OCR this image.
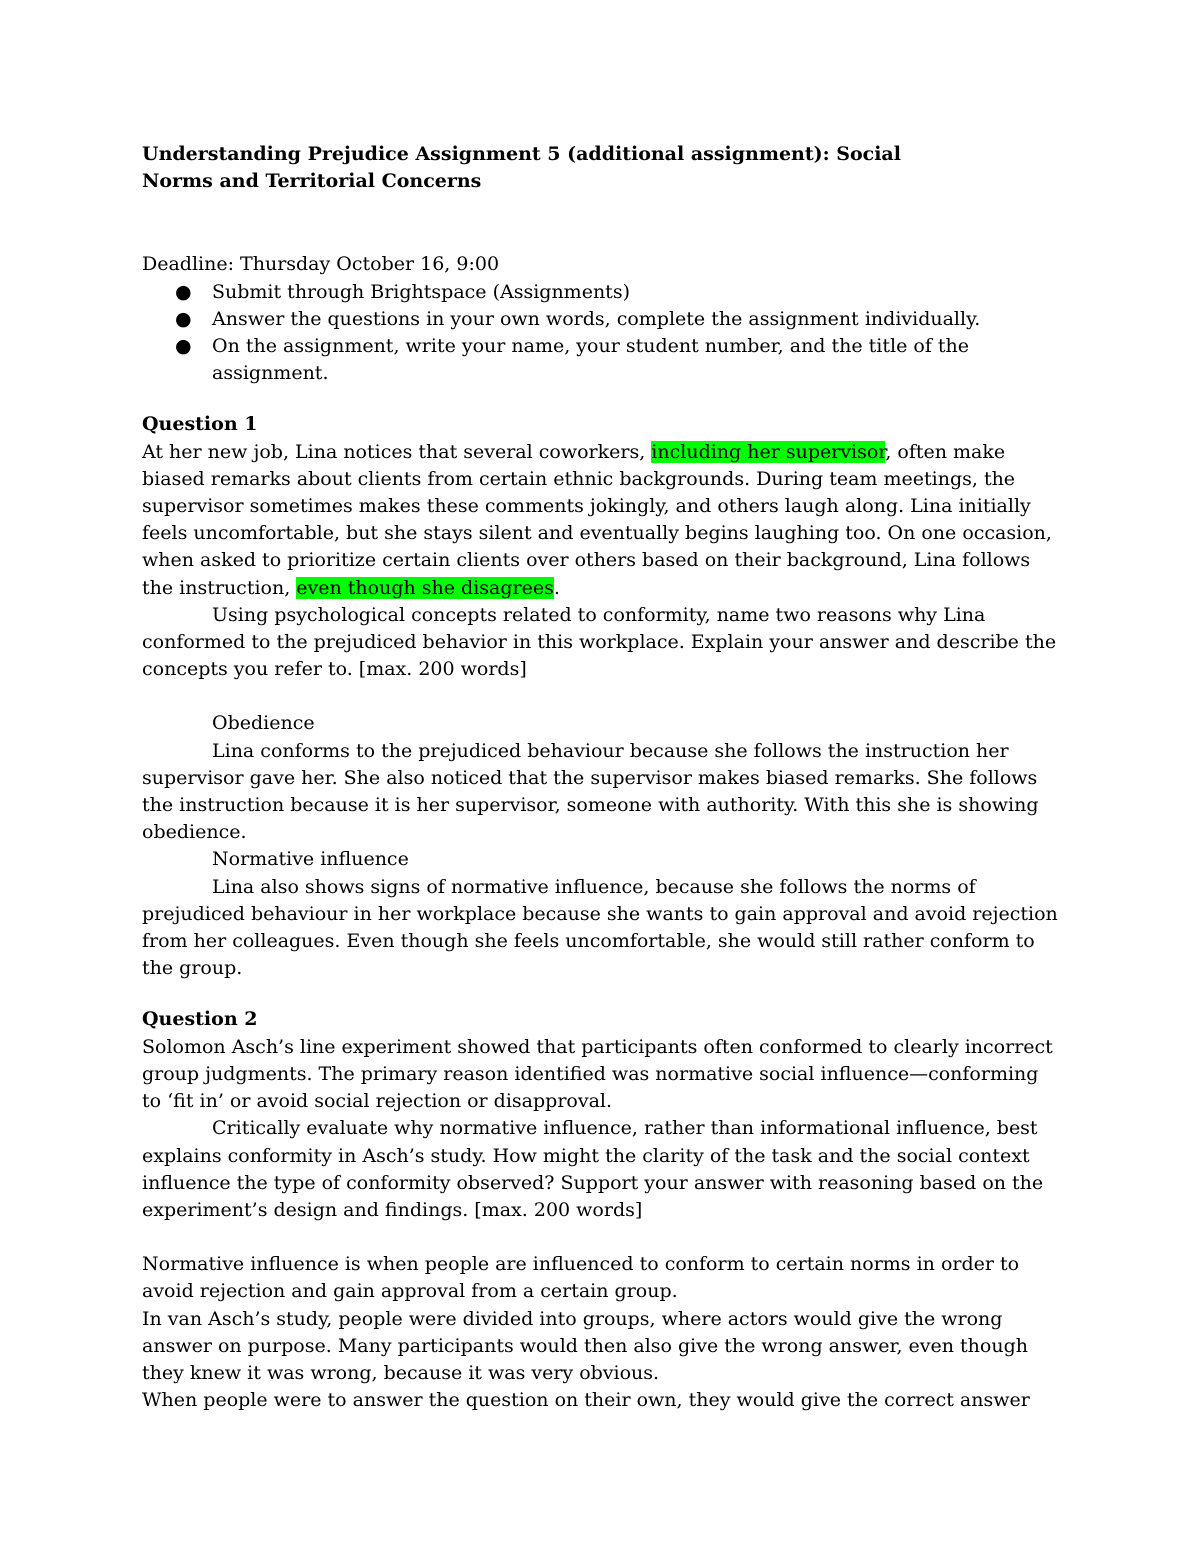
Understanding Prejudice Assignment 5 (additional assignment): Social Norms and Territorial Concerns

Deadline: Thursday October 16, 9:00

● Submit through Brightspace (Assignments)
● Answer the questions in your own words, complete the assignment individually.
● On the assignment, write your name, your student number, and the title of the assignment.

Question 1

At her new job, Lina notices that several coworkers, including her supervisor, often make biased remarks about clients from certain ethnic backgrounds. During team meetings, the supervisor sometimes makes these comments jokingly, and others laugh along. Lina initially feels uncomfortable, but she stays silent and eventually begins laughing too. On one occasion, when asked to prioritize certain clients over others based on their background, Lina follows the instruction, even though she disagrees.

Using psychological concepts related to conformity, name two reasons why Lina conformed to the prejudiced behavior in this workplace. Explain your answer and describe the concepts you refer to. [max. 200 words]

Obedience

Lina conforms to the prejudiced behaviour because she follows the instruction her supervisor gave her. She also noticed that the supervisor makes biased remarks. She follows the instruction because it is her supervisor, someone with authority. With this she is showing obedience.

Normative influence

Lina also shows signs of normative influence, because she follows the norms of prejudiced behaviour in her workplace because she wants to gain approval and avoid rejection from her colleagues. Even though she feels uncomfortable, she would still rather conform to the group.

Question 2

Solomon Asch’s line experiment showed that participants often conformed to clearly incorrect group judgments. The primary reason identified was normative social influence—conforming to ‘fit in’ or avoid social rejection or disapproval.

Critically evaluate why normative influence, rather than informational influence, best explains conformity in Asch’s study. How might the clarity of the task and the social context influence the type of conformity observed? Support your answer with reasoning based on the experiment’s design and findings. [max. 200 words]

Normative influence is when people are influenced to conform to certain norms in order to avoid rejection and gain approval from a certain group.

In van Asch’s study, people were divided into groups, where actors would give the wrong answer on purpose. Many participants would then also give the wrong answer, even though they knew it was wrong, because it was very obvious.

When people were to answer the question on their own, they would give the correct answer
